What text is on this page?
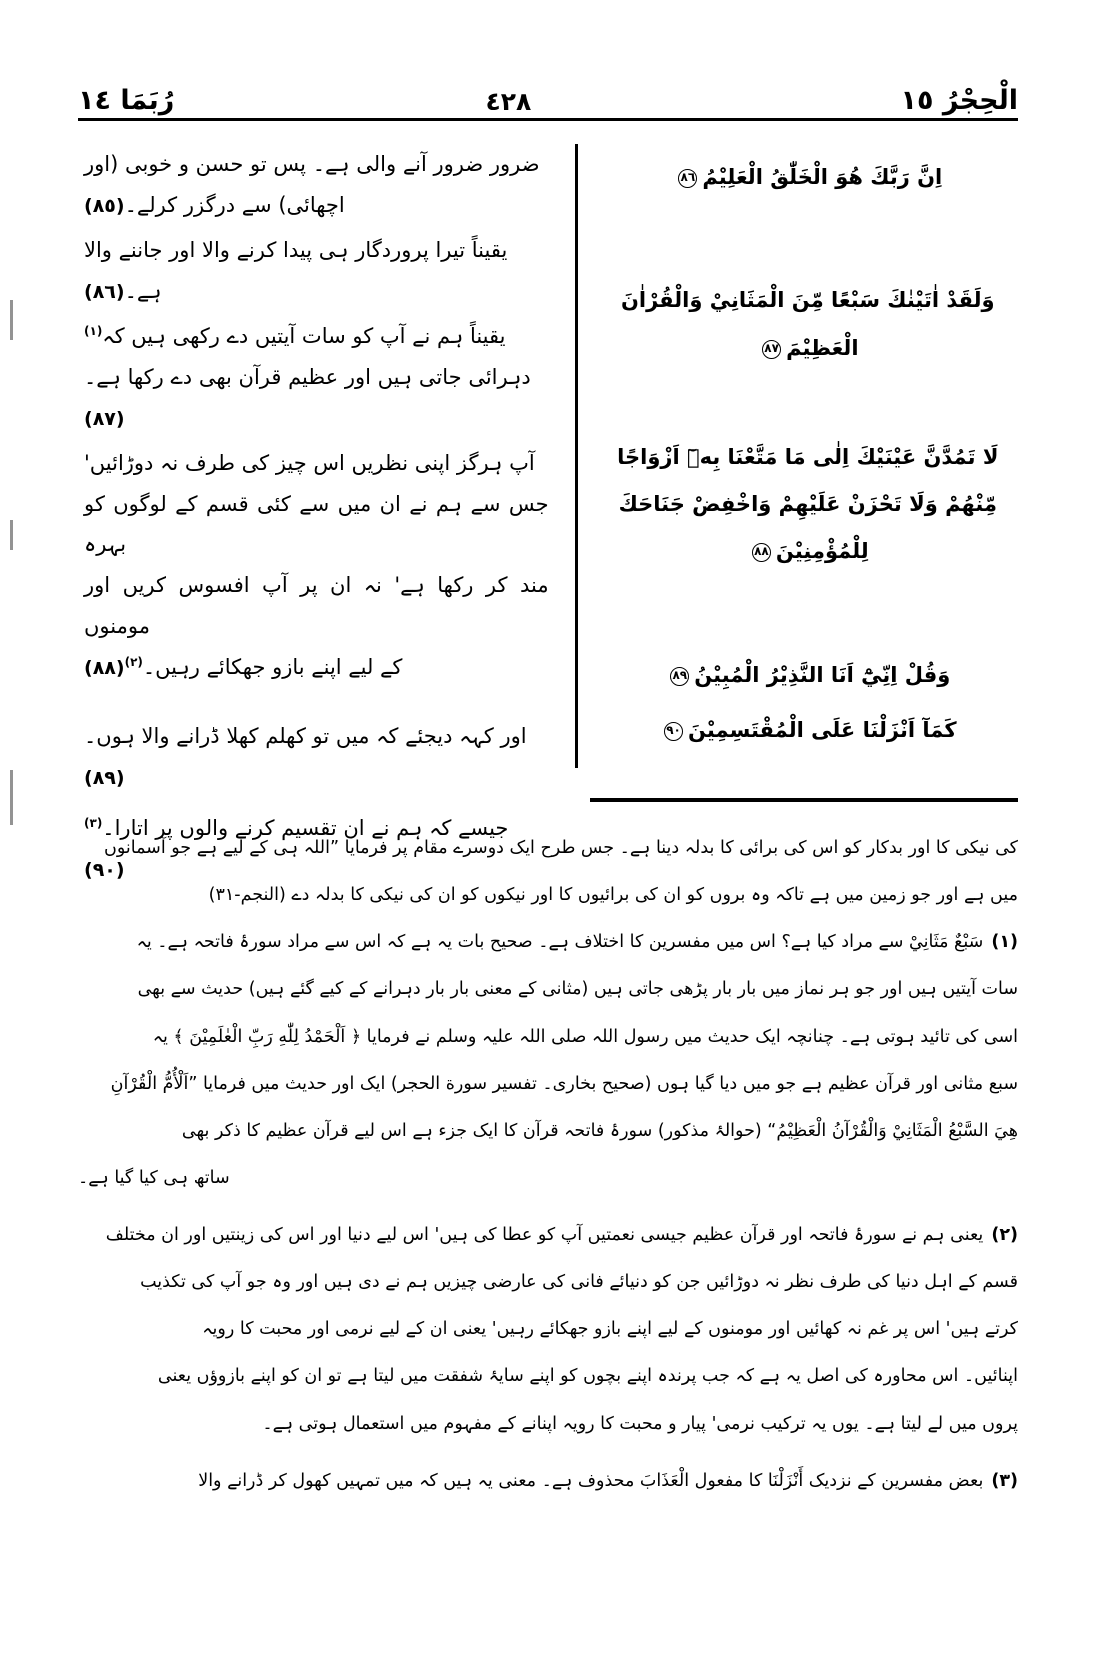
رُبَمَا ١٤	٤٢٨	الْحِجْرُ ١٥
اِنَّ رَبَّكَ هُوَ الْخَلّٰقُ الْعَلِيْمُ٨٦
وَلَقَدْ اٰتَيْنٰكَ سَبْعًا مِّنَ الْمَثَانِيْ وَالْقُرْاٰنَ الْعَظِيْمَ٨٧
لَا تَمُدَّنَّ عَيْنَيْكَ اِلٰى مَا مَتَّعْنَا بِهٖٓ اَزْوَاجًا مِّنْهُمْ وَلَا تَحْزَنْ عَلَيْهِمْ وَاخْفِضْ جَنَاحَكَ لِلْمُؤْمِنِيْنَ٨٨
وَقُلْ اِنِّيْٓ اَنَا النَّذِيْرُ الْمُبِيْنُ٨٩
كَمَآ اَنْزَلْنَا عَلَى الْمُقْتَسِمِيْنَ٩٠

ضرور ضرور آنے والی ہے۔ پس تو حسن و خوبی (اور

اچھائی) سے درگزر کرلے۔(٨٥)

یقیناً تیرا پروردگار ہی پیدا کرنے والا اور جاننے والا

ہے۔(٨٦)

یقیناً ہم نے آپ کو سات آیتیں دے رکھی ہیں کہ$^{(١)}$

دہرائی جاتی ہیں اور عظیم قرآن بھی دے رکھا ہے۔(٨٧)

آپ ہرگز اپنی نظریں اس چیز کی طرف نہ دوڑائیں'

جس سے ہم نے ان میں سے کئی قسم کے لوگوں کو بہرہ

مند کر رکھا ہے' نہ ان پر آپ افسوس کریں اور مومنوں

کے لیے اپنے بازو جھکائے رہیں۔$^{(٢)}$(٨٨)

اور کہہ دیجئے کہ میں تو کھلم کھلا ڈرانے والا ہوں۔(٨٩)

جیسے کہ ہم نے ان تقسیم کرنے والوں پر اتارا۔$^{(٣)}$(٩٠)

کی نیکی کا اور بدکار کو اس کی برائی کا بدلہ دینا ہے۔ جس طرح ایک دوسرے مقام پر فرمایا ”اللہ ہی کے لیے ہے جو آسمانوں

میں ہے اور جو زمین میں ہے تاکہ وہ بروں کو ان کی برائیوں کا اور نیکوں کو ان کی نیکی کا بدلہ دے (النجم-٣١)

(١)سَبْعٌ مَثَانِيْ سے مراد کیا ہے؟ اس میں مفسرین کا اختلاف ہے۔ صحیح بات یہ ہے کہ اس سے مراد سورۂ فاتحہ ہے۔ یہ

سات آیتیں ہیں اور جو ہر نماز میں بار بار پڑھی جاتی ہیں (مثانی کے معنی بار بار دہرانے کے کیے گئے ہیں) حدیث سے بھی

اسی کی تائید ہوتی ہے۔ چنانچہ ایک حدیث میں رسول اللہ صلی اللہ علیہ وسلم نے فرمایا ﴿ اَلْحَمْدُ لِلّٰهِ رَبِّ الْعٰلَمِيْنَ ﴾ یہ

سبع مثانی اور قرآن عظیم ہے جو میں دیا گیا ہوں (صحیح بخاری۔ تفسیر سورة الحجر) ایک اور حدیث میں فرمایا ”اَلْأُمُّ الْقُرْآنِ

هِيَ السَّبْعُ الْمَثَانِيْ وَالْقُرْآنُ الْعَظِيْمُ“ (حوالۂ مذکور) سورۂ فاتحہ قرآن کا ایک جزء ہے اس لیے قرآن عظیم کا ذکر بھی

ساتھ ہی کیا گیا ہے۔

(٢)یعنی ہم نے سورۂ فاتحہ اور قرآن عظیم جیسی نعمتیں آپ کو عطا کی ہیں' اس لیے دنیا اور اس کی زینتیں اور ان مختلف

قسم کے اہل دنیا کی طرف نظر نہ دوڑائیں جن کو دنیائے فانی کی عارضی چیزیں ہم نے دی ہیں اور وہ جو آپ کی تکذیب

کرتے ہیں' اس پر غم نہ کھائیں اور مومنوں کے لیے اپنے بازو جھکائے رہیں' یعنی ان کے لیے نرمی اور محبت کا رویہ

اپنائیں۔ اس محاورہ کی اصل یہ ہے کہ جب پرندہ اپنے بچوں کو اپنے سایۂ شفقت میں لیتا ہے تو ان کو اپنے بازوؤں یعنی

پروں میں لے لیتا ہے۔ یوں یہ ترکیب نرمی' پیار و محبت کا رویہ اپنانے کے مفہوم میں استعمال ہوتی ہے۔

(٣)بعض مفسرین کے نزدیک أَنْزَلْنَا کا مفعول الْعَذَابَ محذوف ہے۔ معنی یہ ہیں کہ میں تمہیں کھول کر ڈرانے والا
